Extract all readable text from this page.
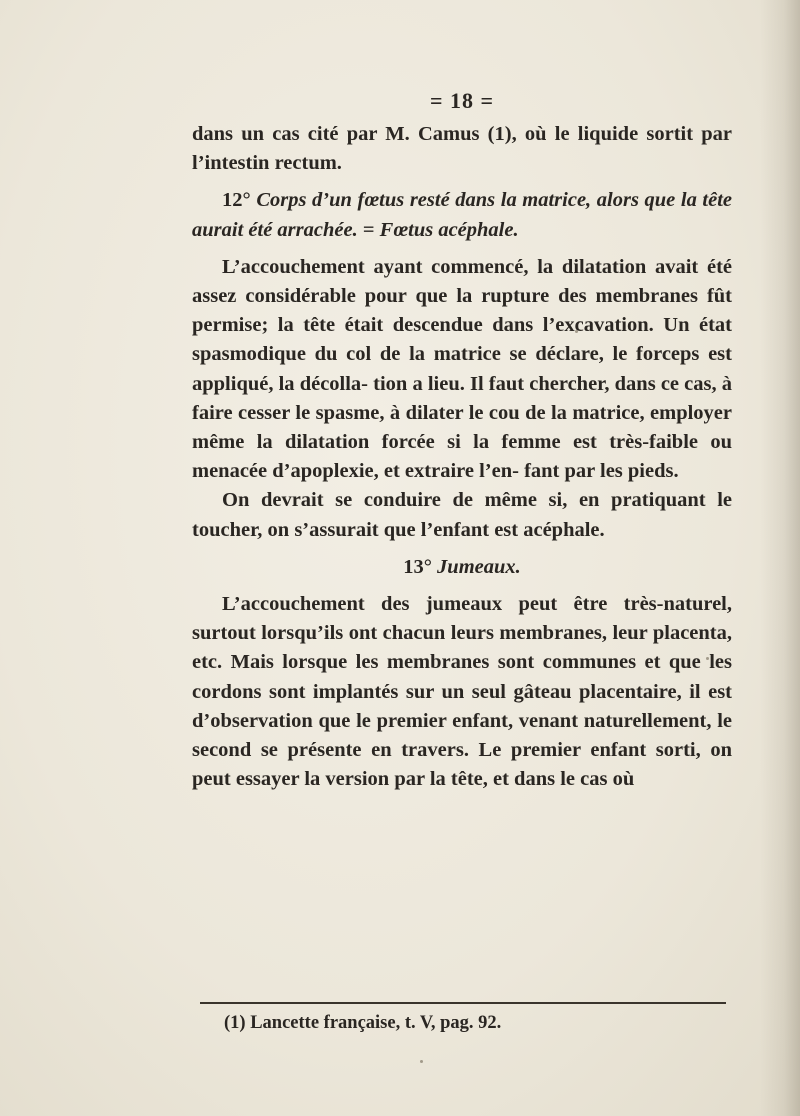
= 18 =

dans un cas cité par M. Camus (1), où le liquide sortit par l’intestin rectum.

12° Corps d’un fœtus resté dans la matrice, alors que la tête aurait été arrachée. = Fœtus acéphale.

L’accouchement ayant commencé, la dilatation avait été assez considérable pour que la rupture des membranes fût permise; la tête était descendue dans l’excavation. Un état spasmodique du col de la matrice se déclare, le forceps est appliqué, la décolla- tion a lieu. Il faut chercher, dans ce cas, à faire cesser le spasme, à dilater le cou de la matrice, employer même la dilatation forcée si la femme est très-faible ou menacée d’apoplexie, et extraire l’en- fant par les pieds.

On devrait se conduire de même si, en pratiquant le toucher, on s’assurait que l’enfant est acéphale.

13° Jumeaux.

L’accouchement des jumeaux peut être très-naturel, surtout lorsqu’ils ont chacun leurs membranes, leur placenta, etc. Mais lorsque les membranes sont communes et que les cordons sont implantés sur un seul gâteau placentaire, il est d’observation que le premier enfant, venant naturellement, le second se présente en travers. Le premier enfant sorti, on peut essayer la version par la tête, et dans le cas où

(1) Lancette française, t. V, pag. 92.
